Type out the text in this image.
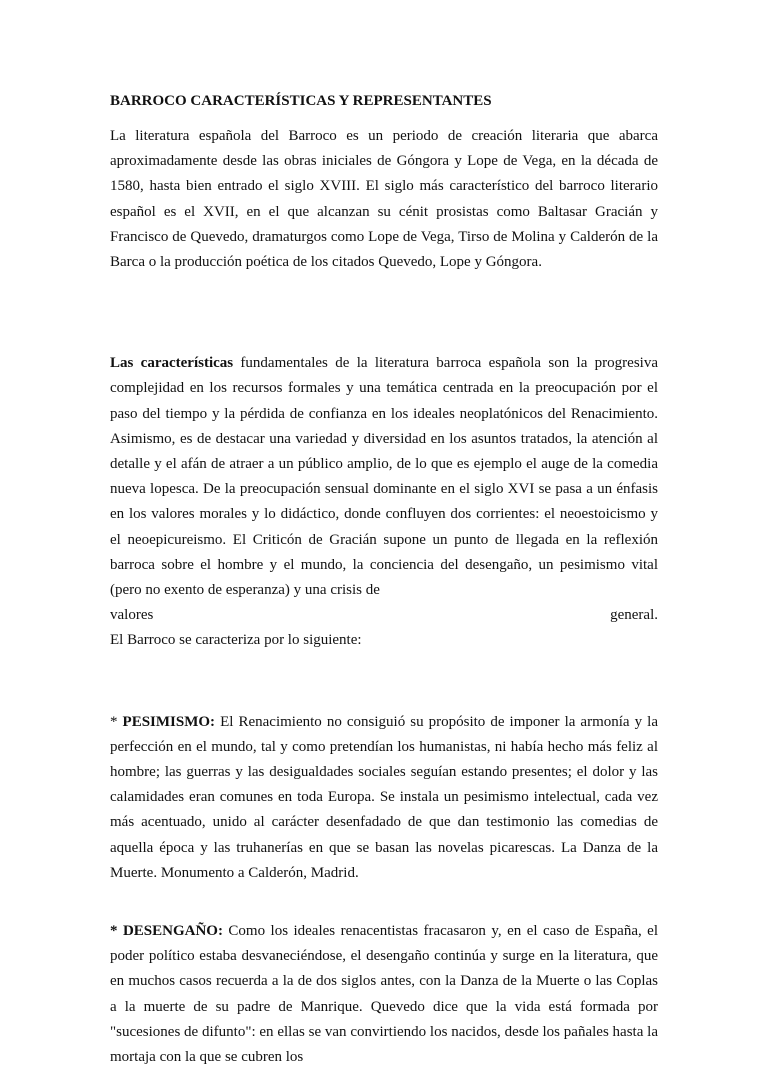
BARROCO CARACTERÍSTICAS Y REPRESENTANTES

La literatura española del Barroco es un periodo de creación literaria que abarca aproximadamente desde las obras iniciales de Góngora y Lope de Vega, en la década de 1580, hasta bien entrado el siglo XVIII. El siglo más característico del barroco literario español es el XVII, en el que alcanzan su cénit prosistas como Baltasar Gracián y Francisco de Quevedo, dramaturgos como Lope de Vega, Tirso de Molina y Calderón de la Barca o la producción poética de los citados Quevedo, Lope y Góngora.

Las características fundamentales de la literatura barroca española son la progresiva complejidad en los recursos formales y una temática centrada en la preocupación por el paso del tiempo y la pérdida de confianza en los ideales neoplatónicos del Renacimiento. Asimismo, es de destacar una variedad y diversidad en los asuntos tratados, la atención al detalle y el afán de atraer a un público amplio, de lo que es ejemplo el auge de la comedia nueva lopesca. De la preocupación sensual dominante en el siglo XVI se pasa a un énfasis en los valores morales y lo didáctico, donde confluyen dos corrientes: el neoestoicismo y el neoepicureismo. El Criticón de Gracián supone un punto de llegada en la reflexión barroca sobre el hombre y el mundo, la conciencia del desengaño, un pesimismo vital (pero no exento de esperanza) y una crisis de

valores	general.

El Barroco se caracteriza por lo siguiente:

* PESIMISMO: El Renacimiento no consiguió su propósito de imponer la armonía y la perfección en el mundo, tal y como pretendían los humanistas, ni había hecho más feliz al hombre; las guerras y las desigualdades sociales seguían estando presentes; el dolor y las calamidades eran comunes en toda Europa. Se instala un pesimismo intelectual, cada vez más acentuado, unido al carácter desenfadado de que dan testimonio las comedias de aquella época y las truhanerías en que se basan las novelas picarescas. La Danza de la Muerte. Monumento a Calderón, Madrid.

* DESENGAÑO: Como los ideales renacentistas fracasaron y, en el caso de España, el poder político estaba desvaneciéndose, el desengaño continúa y surge en la literatura, que en muchos casos recuerda a la de dos siglos antes, con la Danza de la Muerte o las Coplas a la muerte de su padre de Manrique. Quevedo dice que la vida está formada por "sucesiones de difunto": en ellas se van convirtiendo los nacidos, desde los pañales hasta la mortaja con la que se cubren los
